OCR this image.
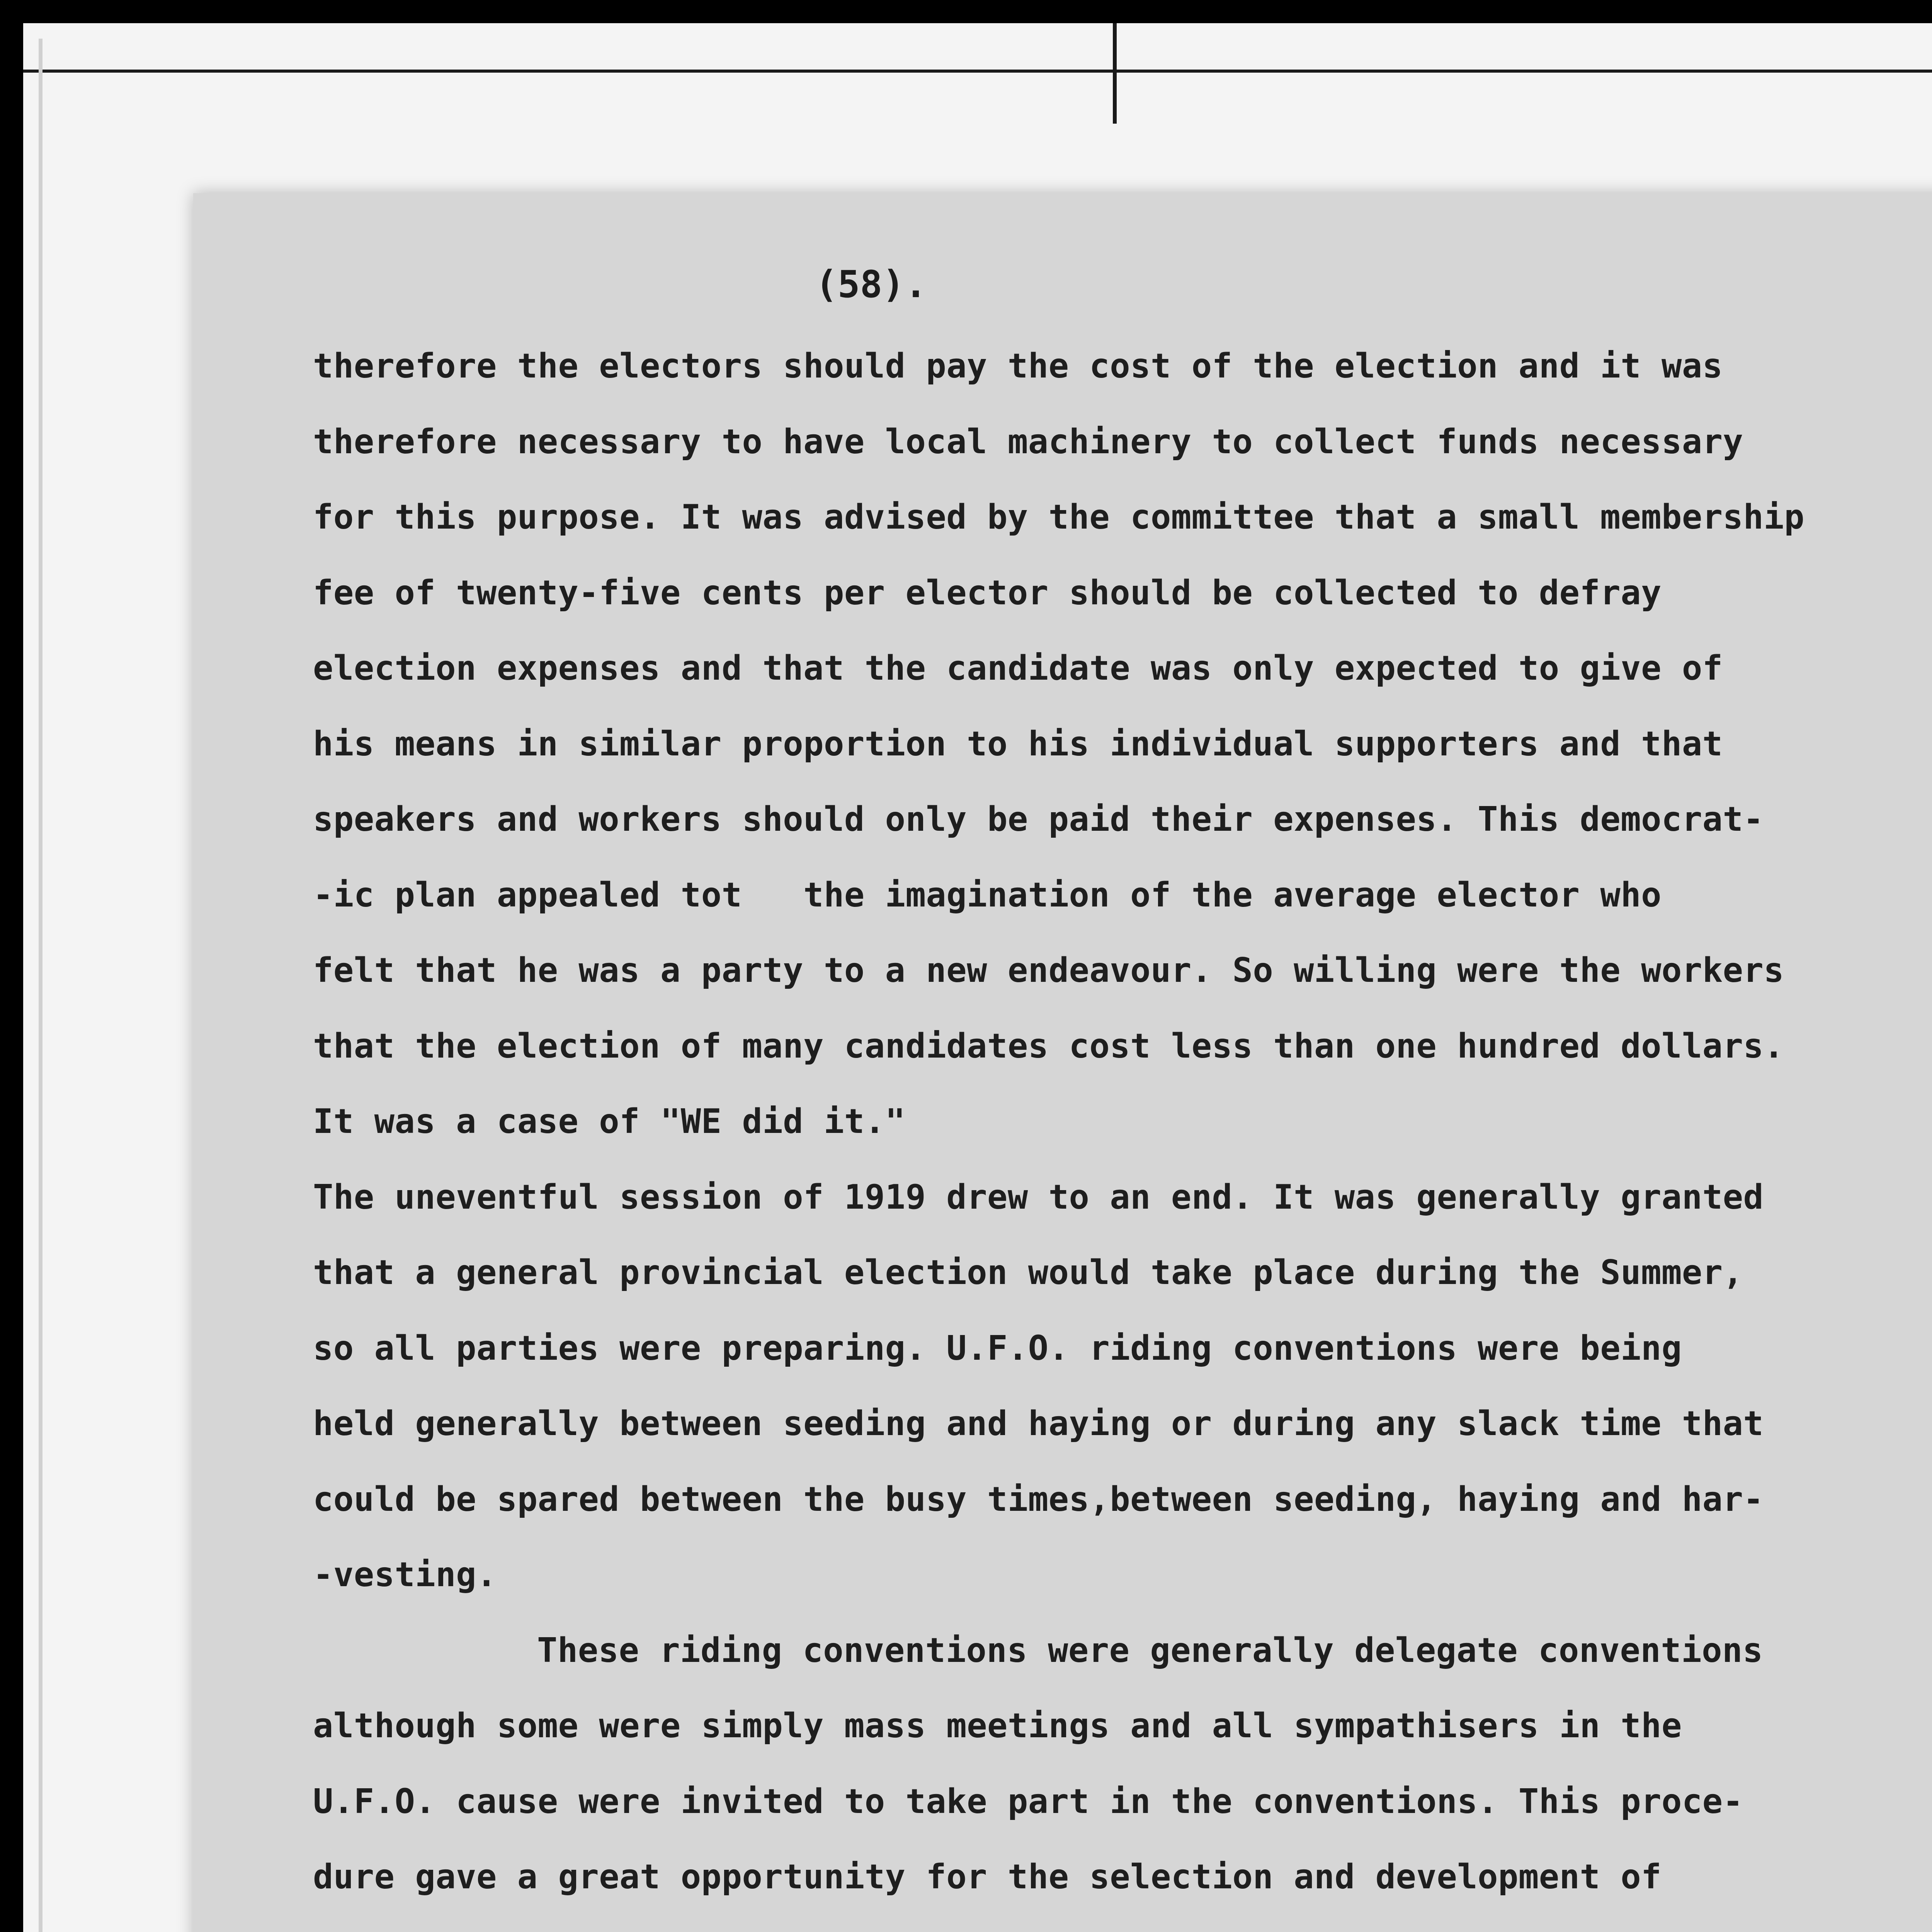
(58).
therefore the electors should pay the cost of the election and it was
therefore necessary to have local machinery to collect funds necessary
for this purpose. It was advised by the committee that a small membership
fee of twenty-five cents per elector should be collected to defray
election expenses and that the candidate was only expected to give of
his means in similar proportion to his individual supporters and that
speakers and workers should only be paid their expenses. This democrat-
-ic plan appealed tot   the imagination of the average elector who
felt that he was a party to a new endeavour. So willing were the workers
that the election of many candidates cost less than one hundred dollars.
It was a case of "WE did it."
The uneventful session of 1919 drew to an end. It was generally granted
that a general provincial election would take place during the Summer,
so all parties were preparing. U.F.O. riding conventions were being
held generally between seeding and haying or during any slack time that
could be spared between the busy times,between seeding, haying and har-
-vesting.
These riding conventions were generally delegate conventions
although some were simply mass meetings and all sympathisers in the
U.F.O. cause were invited to take part in the conventions. This proce-
dure gave a great opportunity for the selection and development of
